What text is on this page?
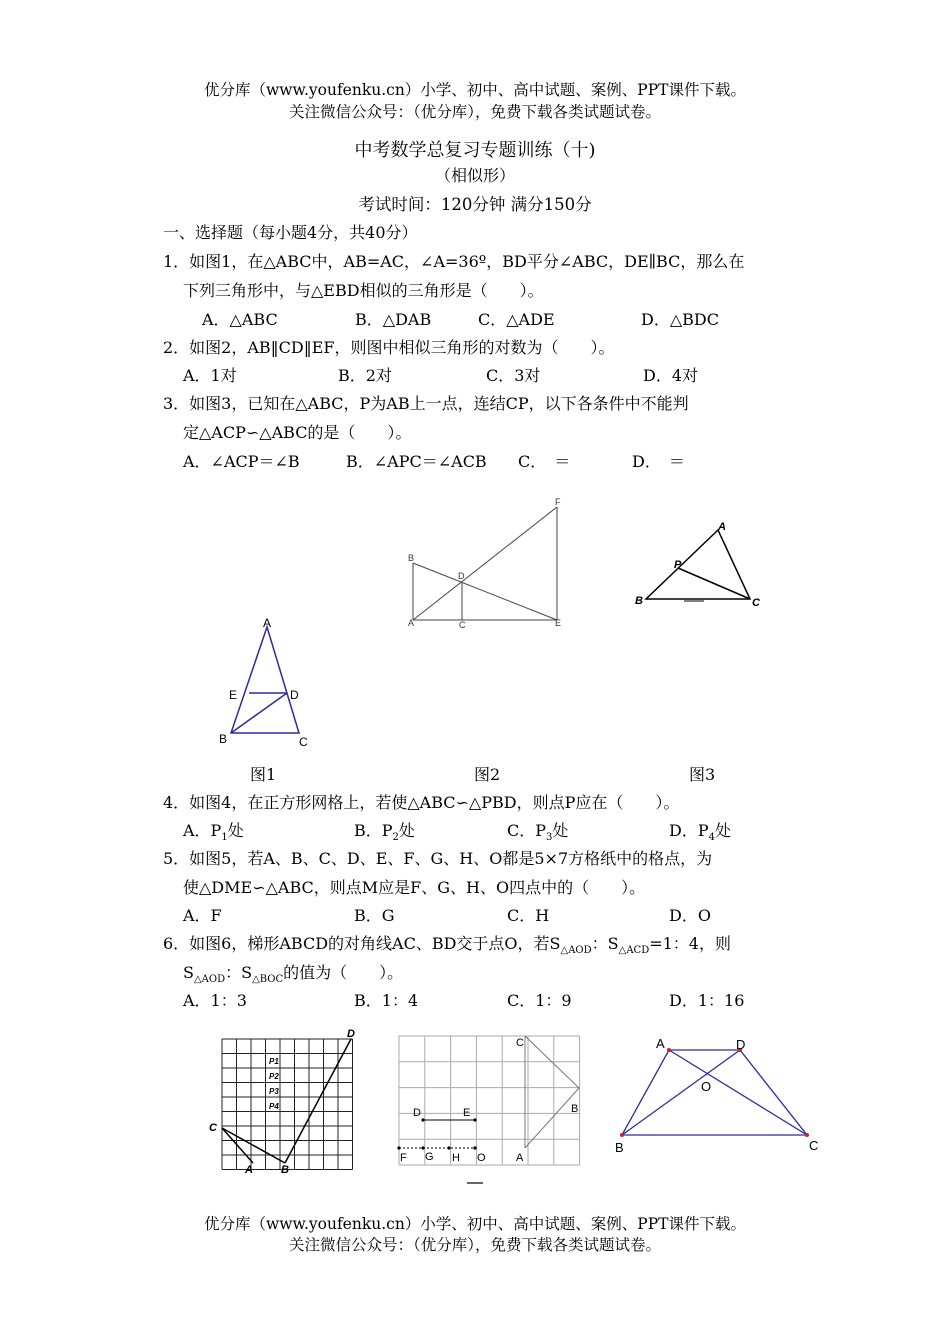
优分库（www.youfenku.cn）小学、初中、高中试题、案例、PPT课件下载。
关注微信公众号：（优分库），免费下载各类试题试卷。
中考数学总复习专题训练（十)
（相似形）
考试时间：120分钟 满分150分
一、选择题（每小题4分，共40分）
1．如图1，在△ABC中，AB=AC，∠A=36º，BD平分∠ABC，DE∥BC，那么在
下列三角形中，与△EBD相似的三角形是（　　）。
A．△ABC	B．△DAB	C．△ADE	D．△BDC
2．如图2，AB‖CD‖EF，则图中相似三角形的对数为（　　）。
A．1对	B．2对	C．3对	D．4对
3．如图3，已知在△ABC，P为AB上一点，连结CP，以下各条件中不能判
定△ACP∽△ABC的是（　　）。
A．∠ACP＝∠B	B．∠APC＝∠ACB C．　＝	D．　＝
F
B
D
A	C	E
A
P
B	C
A
E	D
B	C
图1	图2	图3
4．如图4，在正方形网格上，若使△ABC∽△PBD，则点P应在（　　）。
A．$P_1$处	B．$P_2$处	C．$P_3$处	D．$P_4$处
5．如图5，若A、B、C、D、E、F、G、H、O都是5×7方格纸中的格点，为
使△DME∽△ABC，则点M应是F、G、H、O四点中的（　　）。
A．F	B．G	C．H	D．O
6．如图6，梯形ABCD的对角线AC、BD交于点O，若$S_{\triangle AOD}$：$S_{\triangle ACD}=1$：4，则
$S_{\triangle AOD}$：$S_{\triangle BOC}$的值为（　　）。
A．1：3	B．1：4	C．1：9	D．1：16
D
P1
P2
P3
P4
C
A	B
C
B
D	E
F G H O	A
A	D
O
B	C
优分库（www.youfenku.cn）小学、初中、高中试题、案例、PPT课件下载。
关注微信公众号：（优分库），免费下载各类试题试卷。
